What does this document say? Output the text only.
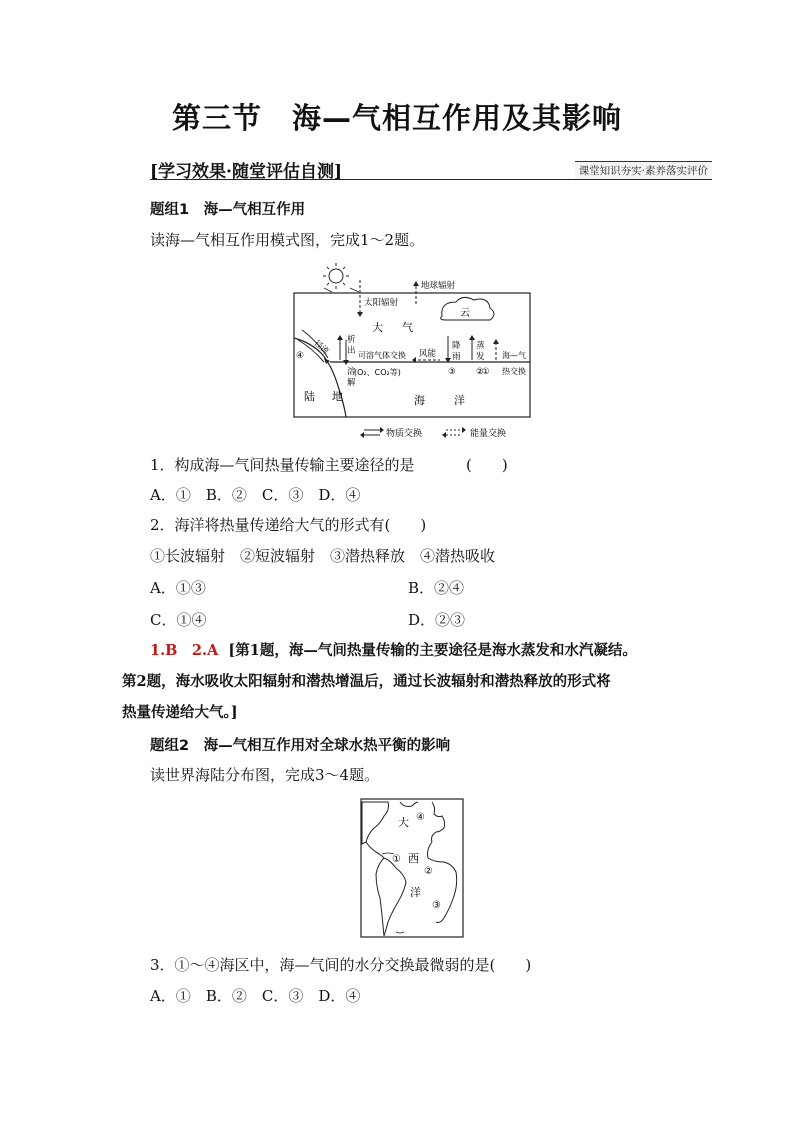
第三节 海—气相互作用及其影响
[学习效果·随堂评估自测]	课堂知识夯实·素养落实评价
题组1　海—气相互作用
读海—气相互作用模式图，完成1～2题。
太阳辐射
地球辐射
云
大 气
径流
④
析
出
溶
解
可溶气体交换
(O₂、CO₂等)
风能
降
雨
③
蒸
发
②
海—气
热交换
①
陆 地	海	洋
物质交换	能量交换
1．构成海—气间热量传输主要途径的是	(　　)
A．①　B．②　C．③　D．④
2．海洋将热量传递给大气的形式有(　　)
①长波辐射　②短波辐射　③潜热释放　④潜热吸收
A．①③	B．②④
C．①④	D．②③
1.B　2.A [第1题，海—气间热量传输的主要途径是海水蒸发和水汽凝结。
第2题，海水吸收太阳辐射和潜热增温后，通过长波辐射和潜热释放的形式将
热量传递给大气。]
题组2　海—气相互作用对全球水热平衡的影响
读世界海陆分布图，完成3～4题。
大 ④
① 西
②
洋
③
3．①～④海区中，海—气间的水分交换最微弱的是(　　)
A．①　B．②　C．③　D．④
